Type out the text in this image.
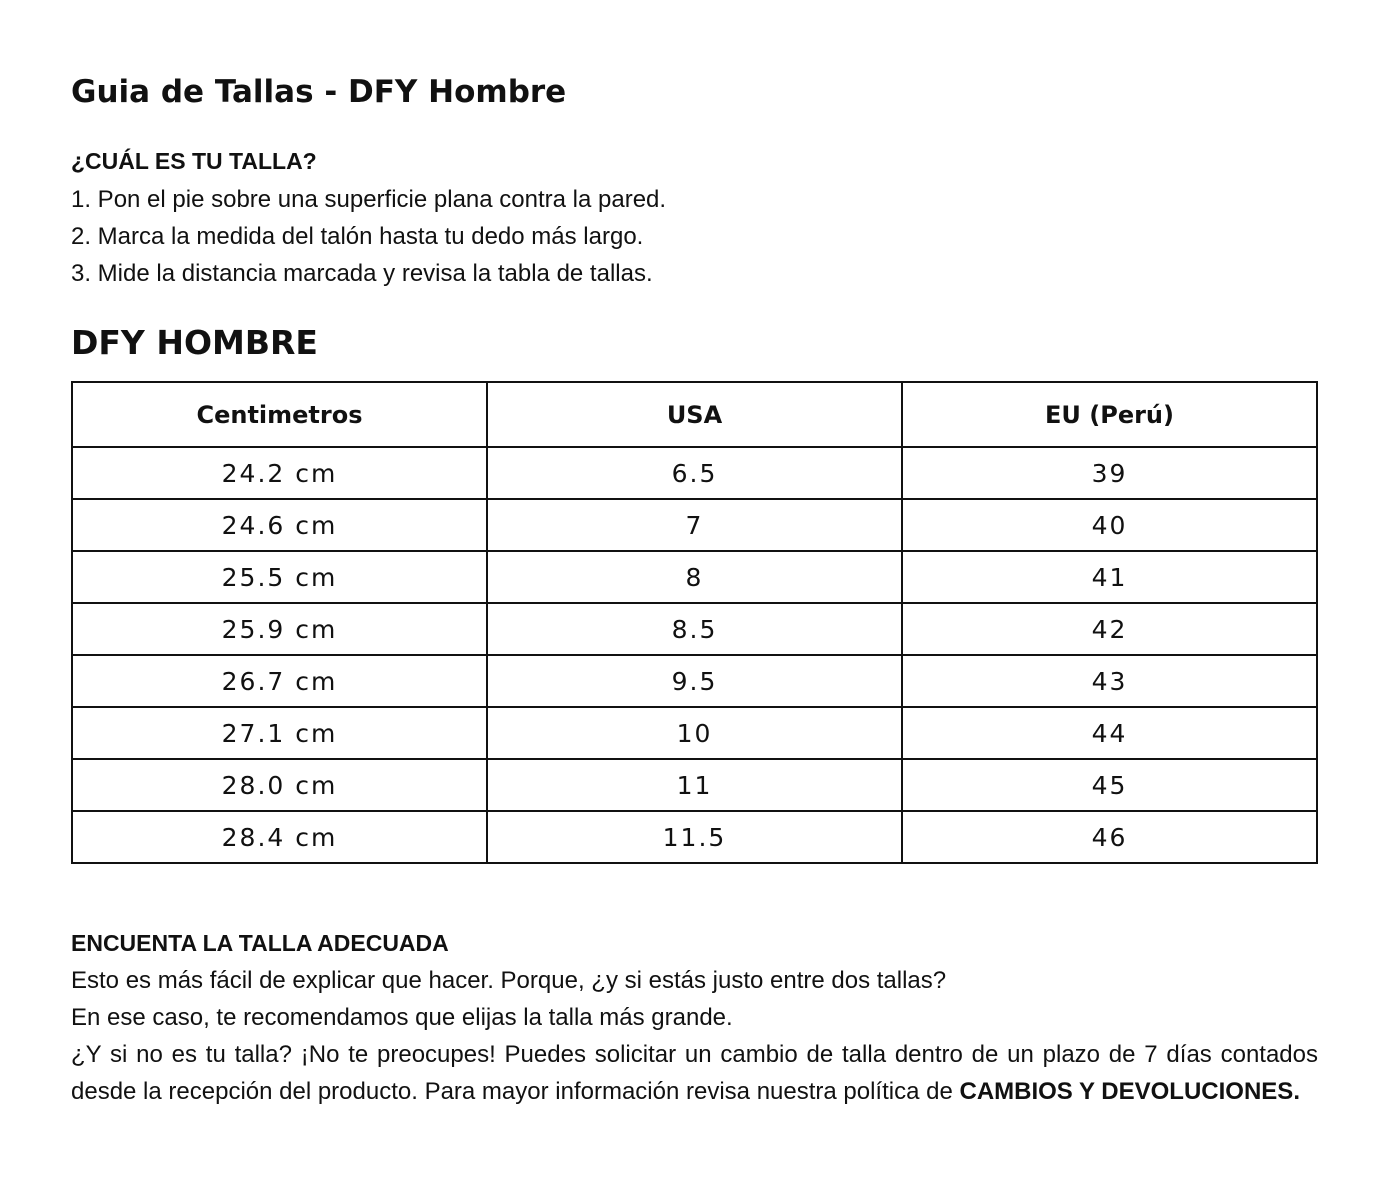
Guia de Tallas - DFY Hombre
¿CUÁL ES TU TALLA?
1. Pon el pie sobre una superficie plana contra la pared.
2. Marca la medida del talón hasta tu dedo más largo.
3. Mide la distancia marcada y revisa la tabla de tallas.
DFY HOMBRE
Centimetros	USA	EU (Perú)
24.2 cm	6.5	39
24.6 cm	7	40
25.5 cm	8	41
25.9 cm	8.5	42
26.7 cm	9.5	43
27.1 cm	10	44
28.0 cm	11	45
28.4 cm	11.5	46
ENCUENTA LA TALLA ADECUADA

Esto es más fácil de explicar que hacer. Porque, ¿y si estás justo entre dos tallas?

En ese caso, te recomendamos que elijas la talla más grande.

¿Y si no es tu talla? ¡No te preocupes! Puedes solicitar un cambio de talla dentro de un plazo de 7 días contados desde la recepción del producto. Para mayor información revisa nuestra política de CAMBIOS Y DEVOLUCIONES.
